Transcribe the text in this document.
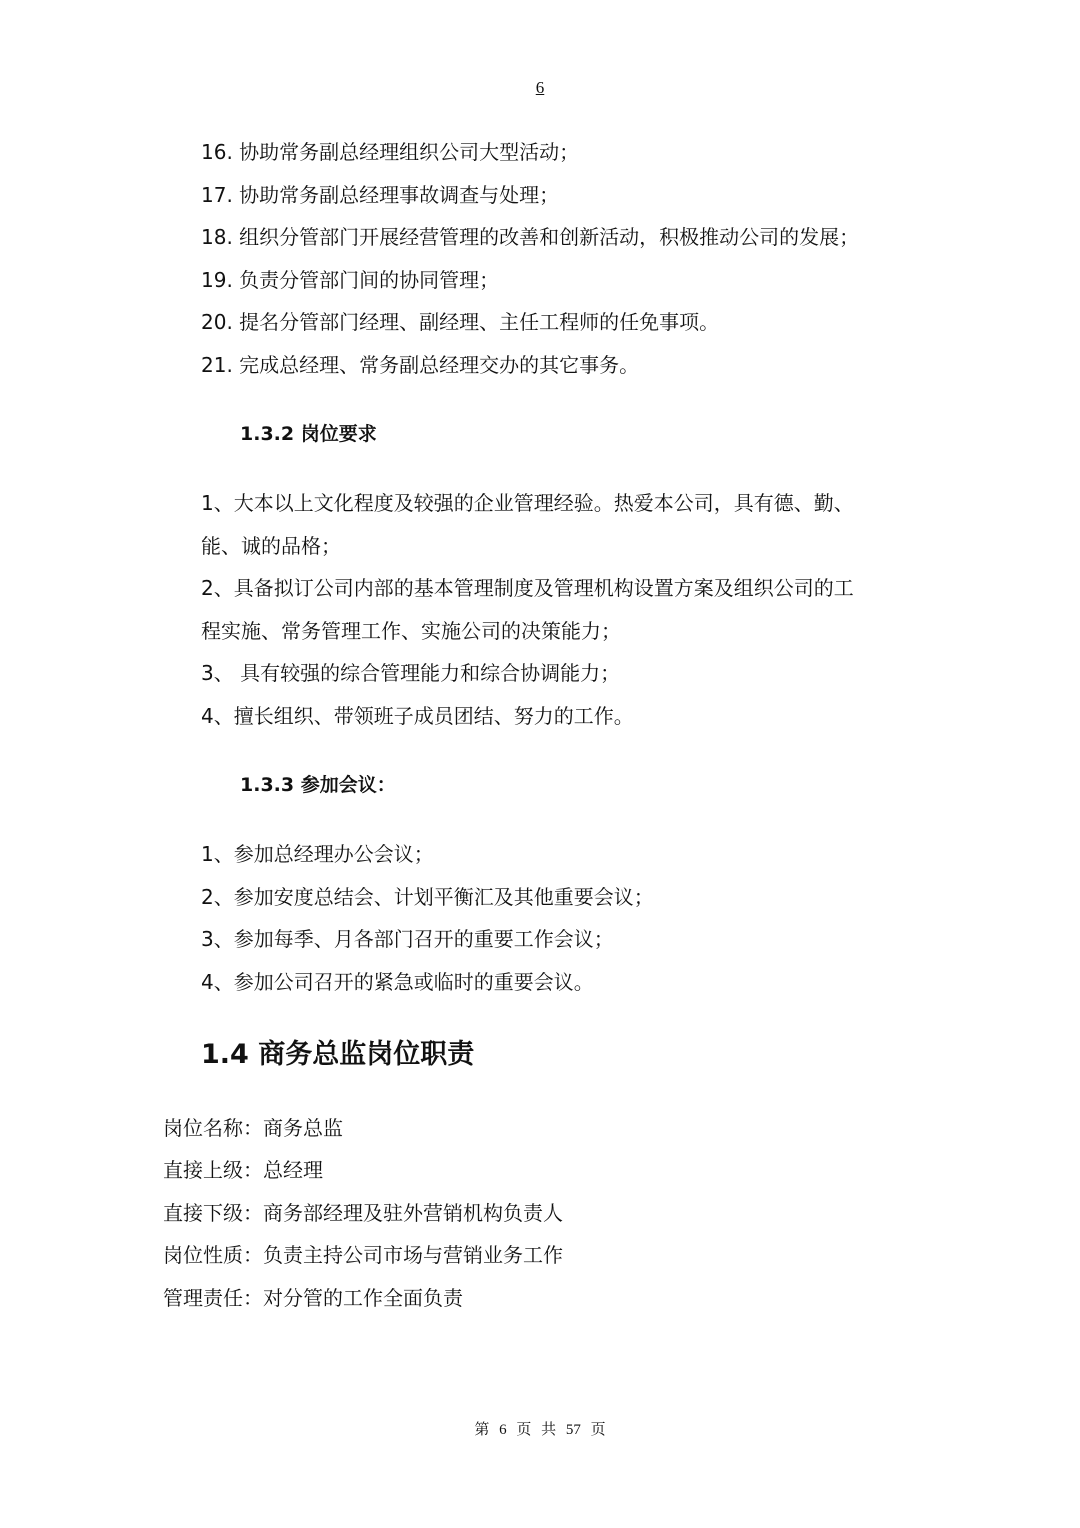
6
16. 协助常务副总经理组织公司大型活动；
17. 协助常务副总经理事故调查与处理；
18. 组织分管部门开展经营管理的改善和创新活动，积极推动公司的发展；
19. 负责分管部门间的协同管理；
20. 提名分管部门经理、副经理、主任工程师的任免事项。
21. 完成总经理、常务副总经理交办的其它事务。
1.3.2 岗位要求
1、大本以上文化程度及较强的企业管理经验。热爱本公司，具有德、勤、
能、诚的品格；
2、具备拟订公司内部的基本管理制度及管理机构设置方案及组织公司的工
程实施、常务管理工作、实施公司的决策能力；
3、 具有较强的综合管理能力和综合协调能力；
4、擅长组织、带领班子成员团结、努力的工作。
1.3.3 参加会议：
1、参加总经理办公会议；
2、参加安度总结会、计划平衡汇及其他重要会议；
3、参加每季、月各部门召开的重要工作会议；
4、参加公司召开的紧急或临时的重要会议。
1.4 商务总监岗位职责
岗位名称：商务总监
直接上级：总经理
直接下级：商务部经理及驻外营销机构负责人
岗位性质：负责主持公司市场与营销业务工作
管理责任：对分管的工作全面负责
第 6 页 共 57 页
